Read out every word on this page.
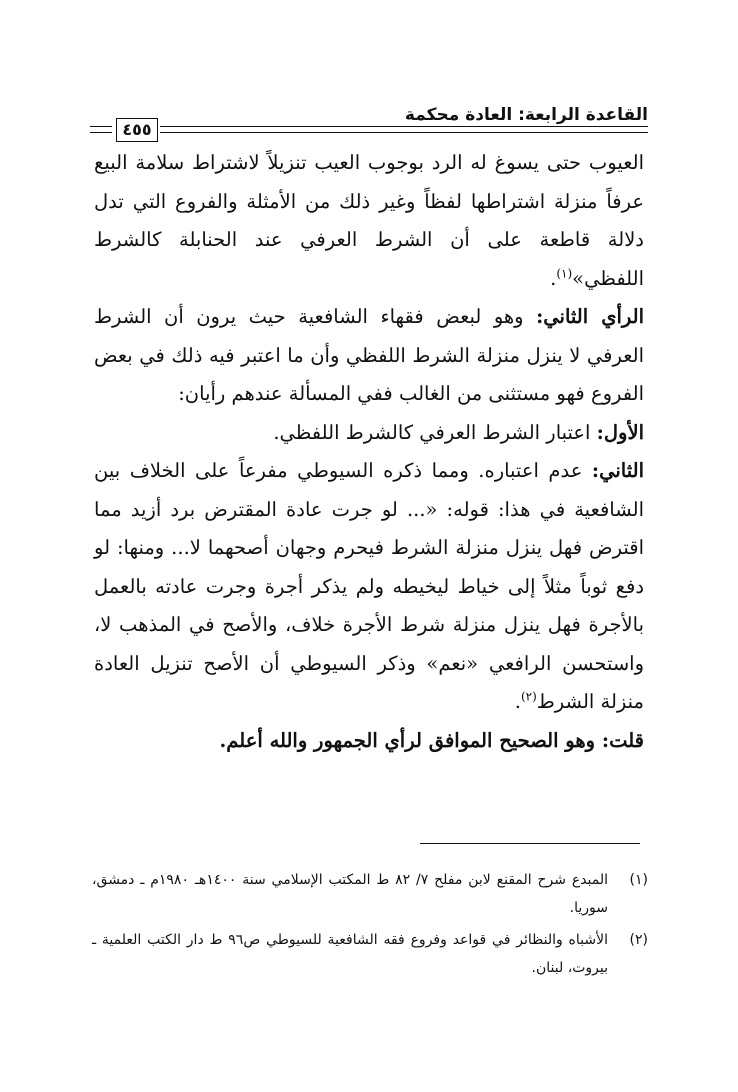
القاعدة الرابعة: العادة محكمة
٤٥٥

العيوب حتى يسوغ له الرد بوجوب العيب تنزيلاً لاشتراط سلامة البيع عرفاً منزلة اشتراطها لفظاً وغير ذلك من الأمثلة والفروع التي تدل دلالة قاطعة على أن الشرط العرفي عند الحنابلة كالشرط اللفظي»$^{(١)}$.

الرأي الثاني: وهو لبعض فقهاء الشافعية حيث يرون أن الشرط العرفي لا ينزل منزلة الشرط اللفظي وأن ما اعتبر فيه ذلك في بعض الفروع فهو مستثنى من الغالب ففي المسألة عندهم رأيان:

الأول: اعتبار الشرط العرفي كالشرط اللفظي.

الثاني: عدم اعتباره. ومما ذكره السيوطي مفرعاً على الخلاف بين الشافعية في هذا: قوله: «... لو جرت عادة المقترض برد أزيد مما اقترض فهل ينزل منزلة الشرط فيحرم وجهان أصحهما لا... ومنها: لو دفع ثوباً مثلاً إلى خياط ليخيطه ولم يذكر أجرة وجرت عادته بالعمل بالأجرة فهل ينزل منزلة شرط الأجرة خلاف، والأصح في المذهب لا، واستحسن الرافعي «نعم» وذكر السيوطي أن الأصح تنزيل العادة منزلة الشرط$^{(٢)}$.

قلت: وهو الصحيح الموافق لرأي الجمهور والله أعلم.

(١)
المبدع شرح المقنع لابن مفلح ٧/ ٨٢ ط المكتب الإسلامي سنة ١٤٠٠هـ ١٩٨٠م ـ دمشق، سوريا.
(٢)
الأشباه والنظائر في قواعد وفروع فقه الشافعية للسيوطي ص٩٦ ط دار الكتب العلمية ـ بيروت، لبنان.
